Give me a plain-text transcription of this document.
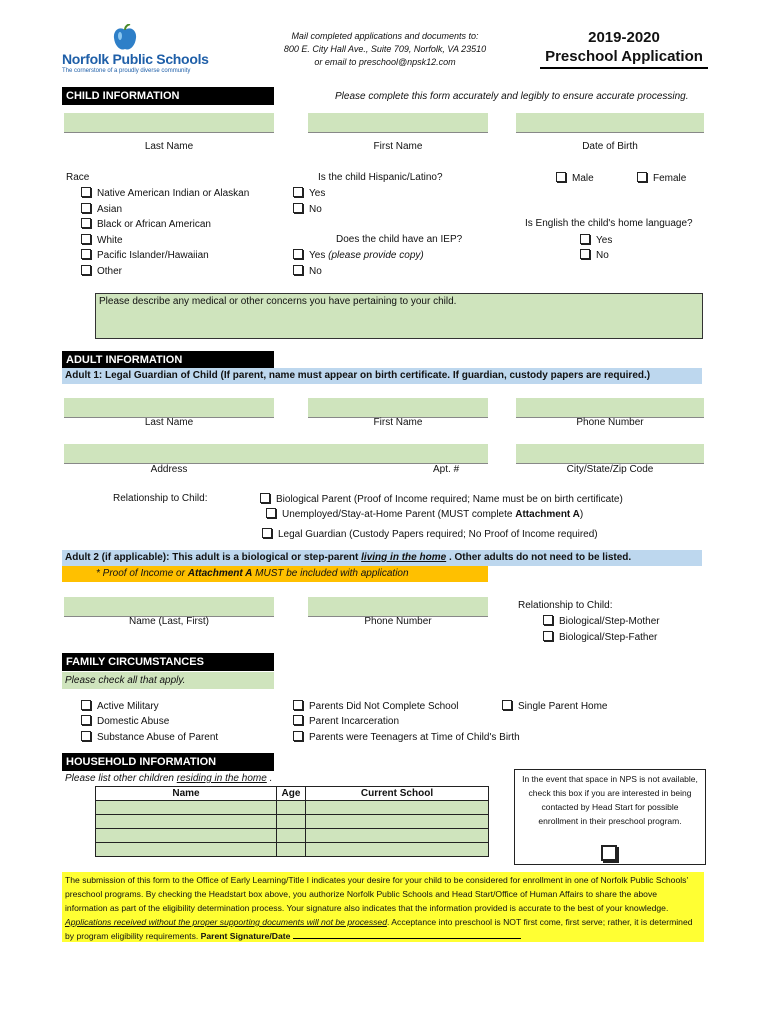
Norfolk Public Schools
The cornerstone of a proudly diverse community
Mail completed applications and documents to:
800 E. City Hall Ave., Suite 709, Norfolk, VA 23510
or email to preschool@npsk12.com
2019-2020
Preschool Application
CHILD INFORMATION	Please complete this form accurately and legibly to ensure accurate processing.
Last Name	First Name	Date of Birth
Race
Native American Indian or Alaskan
Asian
Black or African American
White
Pacific Islander/Hawaiian
Other
Is the child Hispanic/Latino?
Yes
No
Male	Female
Does the child have an IEP?
Yes (please provide copy)
No
Is English the child's home language?
Yes
No
Please describe any medical or other concerns you have pertaining to your child.
ADULT INFORMATION
Adult 1: Legal Guardian of Child (If parent, name must appear on birth certificate. If guardian, custody papers are required.)
Last Name	First Name	Phone Number
Address	Apt. #	City/State/Zip Code
Relationship to Child:	Biological Parent (Proof of Income required; Name must be on birth certificate)
Unemployed/Stay-at-Home Parent (MUST complete Attachment A)
Legal Guardian (Custody Papers required; No Proof of Income required)
Adult 2 (if applicable): This adult is a biological or step-parent living in the home . Other adults do not need to be listed.
* Proof of Income or Attachment A MUST be included with application
Name (Last, First)	Phone Number
Relationship to Child:
Biological/Step-Mother
Biological/Step-Father
FAMILY CIRCUMSTANCES
Please check all that apply.
Active Military
Domestic Abuse
Substance Abuse of Parent
Parents Did Not Complete School
Parent Incarceration
Parents were Teenagers at Time of Child's Birth
Single Parent Home
HOUSEHOLD INFORMATION
Please list other children residing in the home .
Name	Age	Current School

In the event that space in NPS is not available, check this box if you are interested in being contacted by Head Start for possible enrollment in their preschool program.
The submission of this form to the Office of Early Learning/Title I indicates your desire for your child to be considered for enrollment in one of Norfolk Public Schools' preschool programs. By checking the Headstart box above, you authorize Norfolk Public Schools and Head Start/Office of Human Affairs to share the above information as part of the eligibility determination process. Your signature also indicates that the information provided is accurate to the best of your knowledge. Applications received without the proper supporting documents will not be processed. Acceptance into preschool is NOT first come, first serve; rather, it is determined by program eligibility requirements. Parent Signature/Date
